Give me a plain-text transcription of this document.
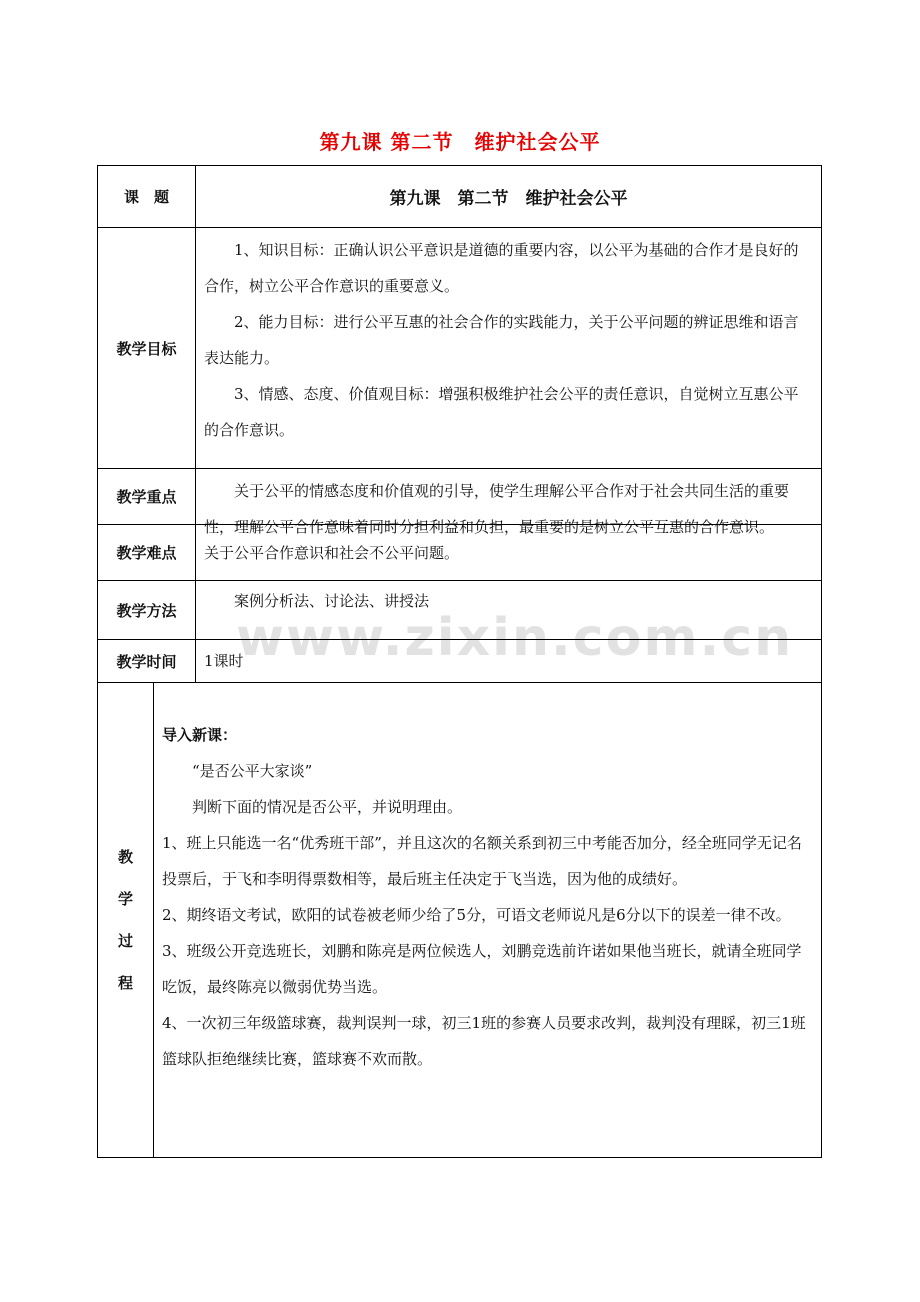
第九课 第二节　维护社会公平
www.zixin.com.cn
课　题	第九课　第二节　维护社会公平
教学目标

1、知识目标：正确认识公平意识是道德的重要内容，以公平为基础的合作才是良好的合作，树立公平合作意识的重要意义。

2、能力目标：进行公平互惠的社会合作的实践能力，关于公平问题的辨证思维和语言表达能力。

3、情感、态度、价值观目标：增强积极维护社会公平的责任意识，自觉树立互惠公平的合作意识。

教学重点	关于公平的情感态度和价值观的引导，使学生理解公平合作对于社会共同生活的重要性，理解公平合作意味着同时分担利益和负担，最重要的是树立公平互惠的合作意识。

教学难点 关于公平合作意识和社会不公平问题。

教学方法

案例分析法、讨论法、讲授法

教学时间 1课时

教
学
过
程

导入新课：

“是否公平大家谈”

判断下面的情况是否公平，并说明理由。

1、班上只能选一名“优秀班干部”，并且这次的名额关系到初三中考能否加分，经全班同学无记名投票后，于飞和李明得票数相等，最后班主任决定于飞当选，因为他的成绩好。

2、期终语文考试，欧阳的试卷被老师少给了5分，可语文老师说凡是6分以下的误差一律不改。

3、班级公开竞选班长，刘鹏和陈亮是两位候选人，刘鹏竞选前许诺如果他当班长，就请全班同学吃饭，最终陈亮以微弱优势当选。

4、一次初三年级篮球赛，裁判误判一球，初三1班的参赛人员要求改判，裁判没有理睬，初三1班篮球队拒绝继续比赛，篮球赛不欢而散。
